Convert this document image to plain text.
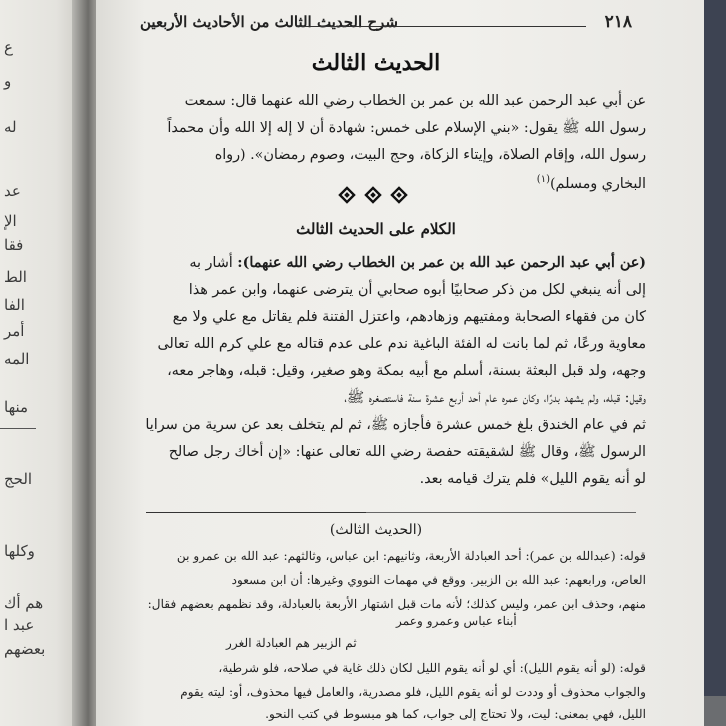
ع
و
له
عد
الإ
فقا
الط
الفا
أمر
المه
منها
الحج
وكلها
هم أك
عبد ا
بعضهم
٢١٨
شرح الحديث الثالث من الأحاديث الأربعين
الحديث الثالث
عن أبي عبد الرحمن عبد الله بن عمر بن الخطاب رضي الله عنهما قال: سمعت
رسول الله ﷺ يقول: «بني الإسلام على خمس: شهادة أن لا إله إلا الله وأن محمداً
رسول الله، وإقام الصلاة، وإيتاء الزكاة، وحج البيت، وصوم رمضان». (رواه
البخاري ومسلم)$^{(١)}$
الكلام على الحديث الثالث
(عن أبي عبد الرحمن عبد الله بن عمر بن الخطاب رضي الله عنهما): أشار به
إلى أنه ينبغي لكل من ذكر صحابيًا أبوه صحابي أن يترضى عنهما، وابن عمر هذا
كان من فقهاء الصحابة ومفتيهم وزهادهم، واعتزل الفتنة فلم يقاتل مع علي ولا مع
معاوية ورعًا، ثم لما بانت له الفئة الباغية ندم على عدم قتاله مع علي كرم الله تعالى
وجهه، ولد قبل البعثة بسنة، أسلم مع أبيه بمكة وهو صغير، وقيل: قبله، وهاجر معه،
وقيل: قبله، ولم يشهد بدرًا، وكان عمره عام أحد أربع عشرة سنة فاستصغره ﷺ،
ثم في عام الخندق بلغ خمس عشرة فأجازه ﷺ، ثم لم يتخلف بعد عن سرية من سرايا
الرسول ﷺ، وقال ﷺ لشقيقته حفصة رضي الله تعالى عنها: «إن أخاك رجل صالح
لو أنه يقوم الليل» فلم يترك قيامه بعد.
(الحديث الثالث)
قوله: (عبدالله بن عمر): أحد العبادلة الأربعة، وثانيهم: ابن عباس، وثالثهم: عبد الله بن عمرو بن
العاص، ورابعهم: عبد الله بن الزبير. ووقع في مهمات النووي وغيرها: أن ابن مسعود
منهم، وحذف ابن عمر، وليس كذلك؛ لأنه مات قبل اشتهار الأربعة بالعبادلة، وقد نظمهم بعضهم فقال:
أبناء عباس وعمرو وعمر
ثم الزبير هم العبادلة الغرر
قوله: (لو أنه يقوم الليل): أي لو أنه يقوم الليل لكان ذلك غاية في صلاحه، فلو شرطية،
والجواب محذوف أو وددت لو أنه يقوم الليل، فلو مصدرية، والعامل فيها محذوف، أو: ليته يقوم
الليل، فهي بمعنى: ليت، ولا تحتاج إلى جواب، كما هو مبسوط في كتب النحو.
